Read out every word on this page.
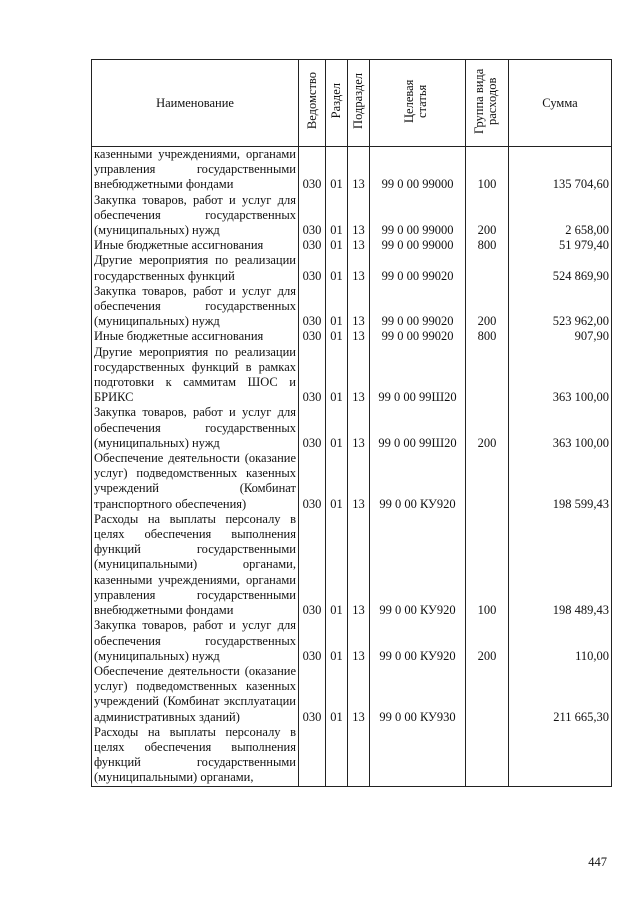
Наименование	Ведомство	Раздел	Подраздел	Целевая статья	Группа вида расходов	Сумма
казенными учреждениями, органами управления государственными внебюджетными фондами	030	01	13	99 0 00 99000	100	135 704,60
Закупка товаров, работ и услуг для обеспечения государственных (муниципальных) нужд	030	01	13	99 0 00 99000	200	2 658,00
Иные бюджетные ассигнования	030	01	13	99 0 00 99000	800	51 979,40
Другие мероприятия по реализации государственных функций	030	01	13	99 0 00 99020		524 869,90
Закупка товаров, работ и услуг для обеспечения государственных (муниципальных) нужд	030	01	13	99 0 00 99020	200	523 962,00
Иные бюджетные ассигнования	030	01	13	99 0 00 99020	800	907,90
Другие мероприятия по реализации государственных функций в рамках подготовки к саммитам ШОС и БРИКС	030	01	13	99 0 00 99Ш20		363 100,00
Закупка товаров, работ и услуг для обеспечения государственных (муниципальных) нужд	030	01	13	99 0 00 99Ш20	200	363 100,00
Обеспечение деятельности (оказание услуг) подведомственных казенных учреждений (Комбинат транспортного обеспечения)	030	01	13	99 0 00 КУ920		198 599,43
Расходы на выплаты персоналу в целях обеспечения выполнения функций государственными (муниципальными) органами, казенными учреждениями, органами управления государственными внебюджетными фондами	030	01	13	99 0 00 КУ920	100	198 489,43
Закупка товаров, работ и услуг для обеспечения государственных (муниципальных) нужд	030	01	13	99 0 00 КУ920	200	110,00
Обеспечение деятельности (оказание услуг) подведомственных казенных учреждений (Комбинат эксплуатации административных зданий)	030	01	13	99 0 00 КУ930		211 665,30
Расходы на выплаты персоналу в целях обеспечения выполнения функций государственными (муниципальными) органами,						
447
